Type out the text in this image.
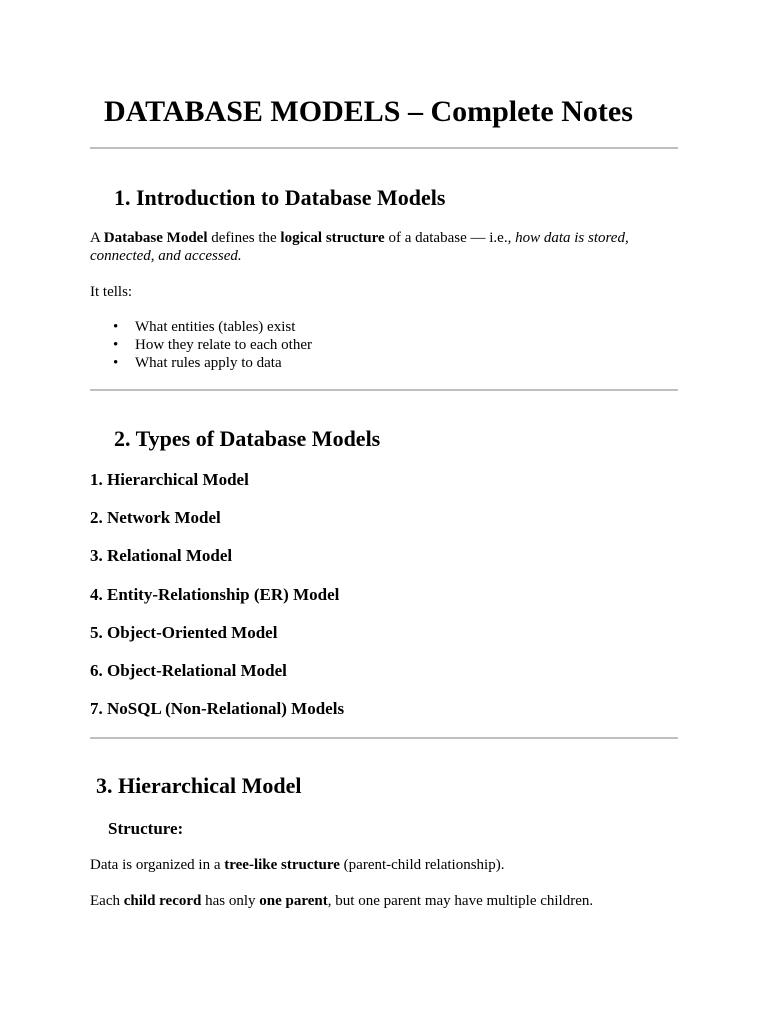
DATABASE MODELS – Complete Notes
1. Introduction to Database Models

A Database Model defines the logical structure of a database — i.e., how data is stored, connected, and accessed.

It tells:

• What entities (tables) exist
• How they relate to each other
• What rules apply to data
2. Types of Database Models
1. Hierarchical Model
2. Network Model
3. Relational Model
4. Entity-Relationship (ER) Model
5. Object-Oriented Model
6. Object-Relational Model
7. NoSQL (Non-Relational) Models
3. Hierarchical Model
Structure:

Data is organized in a tree-like structure (parent-child relationship).

Each child record has only one parent, but one parent may have multiple children.
